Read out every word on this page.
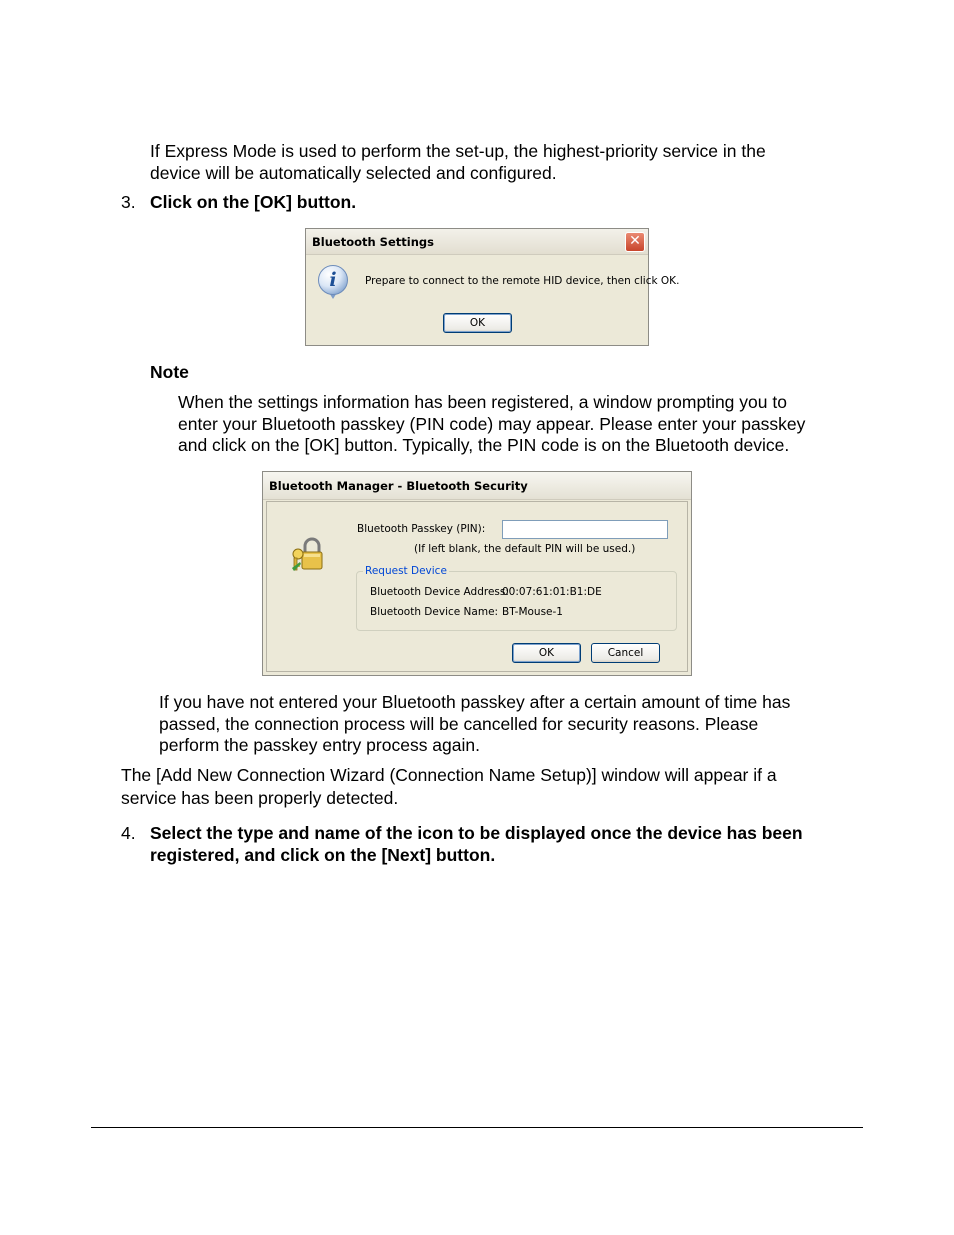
If Express Mode is used to perform the set-up, the highest-priority service in the
device will be automatically selected and configured.
3. Click on the [OK] button.
Bluetooth Settings	✕
i	Prepare to connect to the remote HID device, then click OK.
OK
Note
When the settings information has been registered, a window prompting you to
enter your Bluetooth passkey (PIN code) may appear. Please enter your passkey
and click on the [OK] button. Typically, the PIN code is on the Bluetooth device.
Bluetooth Manager - Bluetooth Security
Bluetooth Passkey (PIN):
(If left blank, the default PIN will be used.)
Request Device
Bluetooth Device Address:
00:07:61:01:B1:DE
Bluetooth Device Name: BT-Mouse-1
OK	Cancel
If you have not entered your Bluetooth passkey after a certain amount of time has
passed, the connection process will be cancelled for security reasons. Please
perform the passkey entry process again.
The [Add New Connection Wizard (Connection Name Setup)] window will appear if a
service has been properly detected.
4. Select the type and name of the icon to be displayed once the device has been
registered, and click on the [Next] button.
